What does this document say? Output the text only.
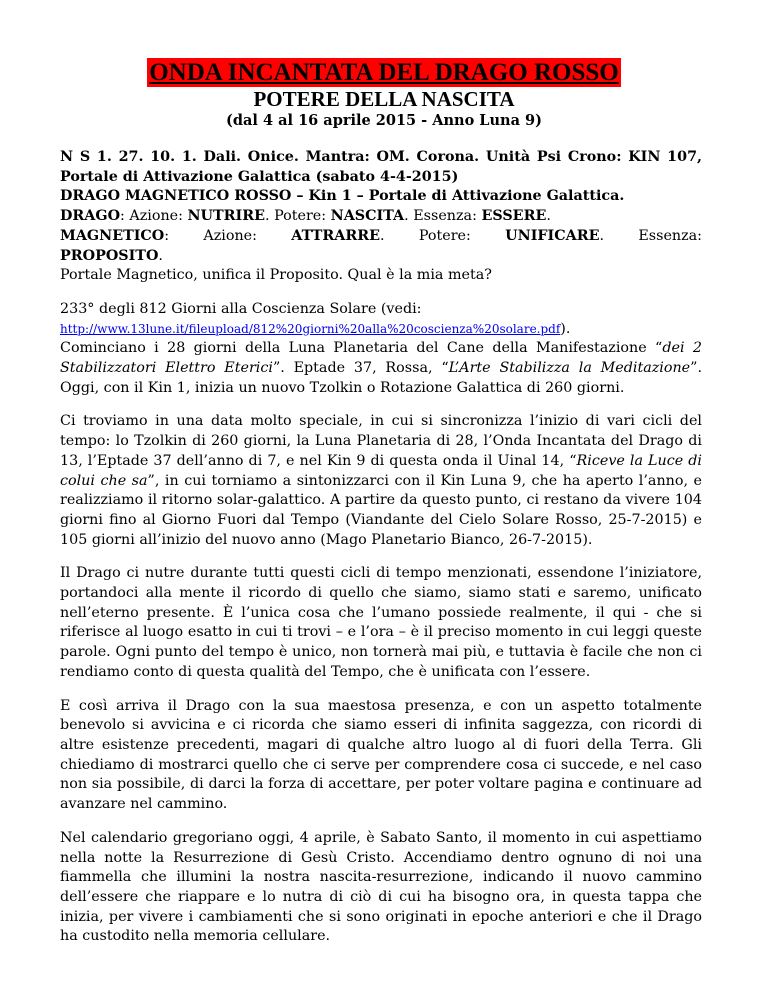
ONDA INCANTATA DEL DRAGO ROSSO
POTERE DELLA NASCITA
(dal 4 al 16 aprile 2015 - Anno Luna 9)

N S 1. 27. 10. 1. Dali. Onice. Mantra: OM. Corona. Unità Psi Crono: KIN 107, Portale di Attivazione Galattica (sabato 4-4-2015)

DRAGO MAGNETICO ROSSO – Kin 1 – Portale di Attivazione Galattica.

DRAGO: Azione: NUTRIRE. Potere: NASCITA. Essenza: ESSERE.

MAGNETICO: Azione: ATTRARRE. Potere: UNIFICARE. Essenza:

PROPOSITO.

Portale Magnetico, unifica il Proposito. Qual è la mia meta?

233° degli 812 Giorni alla Coscienza Solare (vedi:

http://www.13lune.it/fileupload/812%20giorni%20alla%20coscienza%20solare.pdf).

Cominciano i 28 giorni della Luna Planetaria del Cane della Manifestazione “dei 2 Stabilizzatori Elettro Eterici”. Eptade 37, Rossa, “L’Arte Stabilizza la Meditazione”. Oggi, con il Kin 1, inizia un nuovo Tzolkin o Rotazione Galattica di 260 giorni.

Ci troviamo in una data molto speciale, in cui si sincronizza l’inizio di vari cicli del tempo: lo Tzolkin di 260 giorni, la Luna Planetaria di 28, l’Onda Incantata del Drago di 13, l’Eptade 37 dell’anno di 7, e nel Kin 9 di questa onda il Uinal 14, “Riceve la Luce di colui che sa”, in cui torniamo a sintonizzarci con il Kin Luna 9, che ha aperto l’anno, e realizziamo il ritorno solar-galattico. A partire da questo punto, ci restano da vivere 104 giorni fino al Giorno Fuori dal Tempo (Viandante del Cielo Solare Rosso, 25-7-2015) e 105 giorni all’inizio del nuovo anno (Mago Planetario Bianco, 26-7-2015).

Il Drago ci nutre durante tutti questi cicli di tempo menzionati, essendone l’iniziatore, portandoci alla mente il ricordo di quello che siamo, siamo stati e saremo, unificato nell’eterno presente. È l’unica cosa che l’umano possiede realmente, il qui - che si riferisce al luogo esatto in cui ti trovi – e l’ora – è il preciso momento in cui leggi queste parole. Ogni punto del tempo è unico, non tornerà mai più, e tuttavia è facile che non ci rendiamo conto di questa qualità del Tempo, che è unificata con l’essere.

E così arriva il Drago con la sua maestosa presenza, e con un aspetto totalmente benevolo si avvicina e ci ricorda che siamo esseri di infinita saggezza, con ricordi di altre esistenze precedenti, magari di qualche altro luogo al di fuori della Terra. Gli chiediamo di mostrarci quello che ci serve per comprendere cosa ci succede, e nel caso non sia possibile, di darci la forza di accettare, per poter voltare pagina e continuare ad avanzare nel cammino.

Nel calendario gregoriano oggi, 4 aprile, è Sabato Santo, il momento in cui aspettiamo nella notte la Resurrezione di Gesù Cristo. Accendiamo dentro ognuno di noi una fiammella che illumini la nostra nascita-resurrezione, indicando il nuovo cammino dell’essere che riappare e lo nutra di ciò di cui ha bisogno ora, in questa tappa che inizia, per vivere i cambiamenti che si sono originati in epoche anteriori e che il Drago ha custodito nella memoria cellulare.
